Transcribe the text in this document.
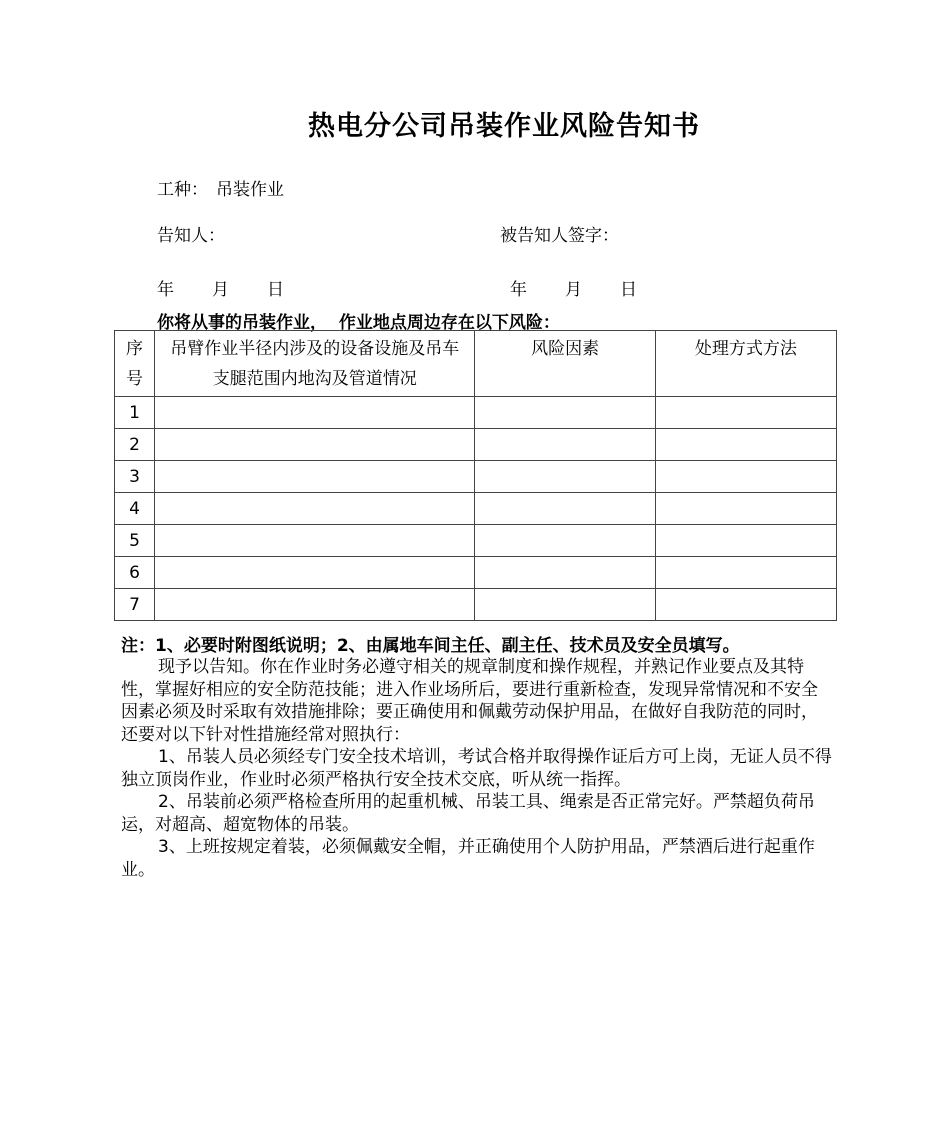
热电分公司吊装作业风险告知书
工种： 吊装作业
告知人：	被告知人签字：
年 月 日	年 月 日
你将从事的吊装作业，  作业地点周边存在以下风险：
序号	吊臂作业半径内涉及的设备设施及吊车支腿范围内地沟及管道情况	风险因素	处理方式方法
1			
2			
3			
4			
5			
6			
7			
注：1、必要时附图纸说明；2、由属地车间主任、副主任、技术员及安全员填写。

现予以告知。你在作业时务必遵守相关的规章制度和操作规程，并熟记作业要点及其特性，掌握好相应的安全防范技能；进入作业场所后，要进行重新检查，发现异常情况和不安全因素必须及时采取有效措施排除；要正确使用和佩戴劳动保护用品，在做好自我防范的同时，还要对以下针对性措施经常对照执行：

1、吊装人员必须经专门安全技术培训，考试合格并取得操作证后方可上岗，无证人员不得独立顶岗作业，作业时必须严格执行安全技术交底，听从统一指挥。

2、吊装前必须严格检查所用的起重机械、吊装工具、绳索是否正常完好。严禁超负荷吊运，对超高、超宽物体的吊装。

3、上班按规定着装，必须佩戴安全帽，并正确使用个人防护用品，严禁酒后进行起重作业。
